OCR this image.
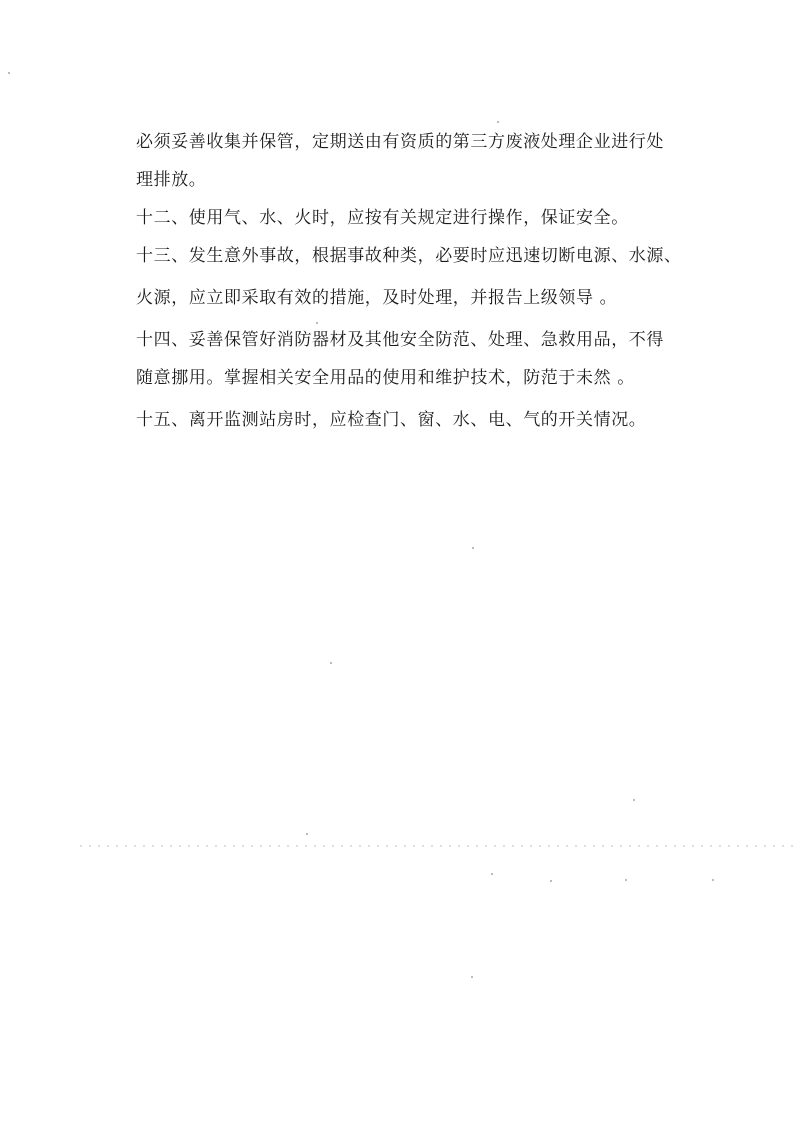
必须妥善收集并保管，定期送由有资质的第三方废液处理企业进行处
理排放。
十二、使用气、水、火时，应按有关规定进行操作，保证安全。
十三、发生意外事故，根据事故种类，必要时应迅速切断电源、水源、
火源，应立即采取有效的措施，及时处理，并报告上级领导 。
十四、妥善保管好消防器材及其他安全防范、处理、急救用品，不得
随意挪用。掌握相关安全用品的使用和维护技术，防范于未然 。
十五、离开监测站房时，应检查门、窗、水、电、气的开关情况。
